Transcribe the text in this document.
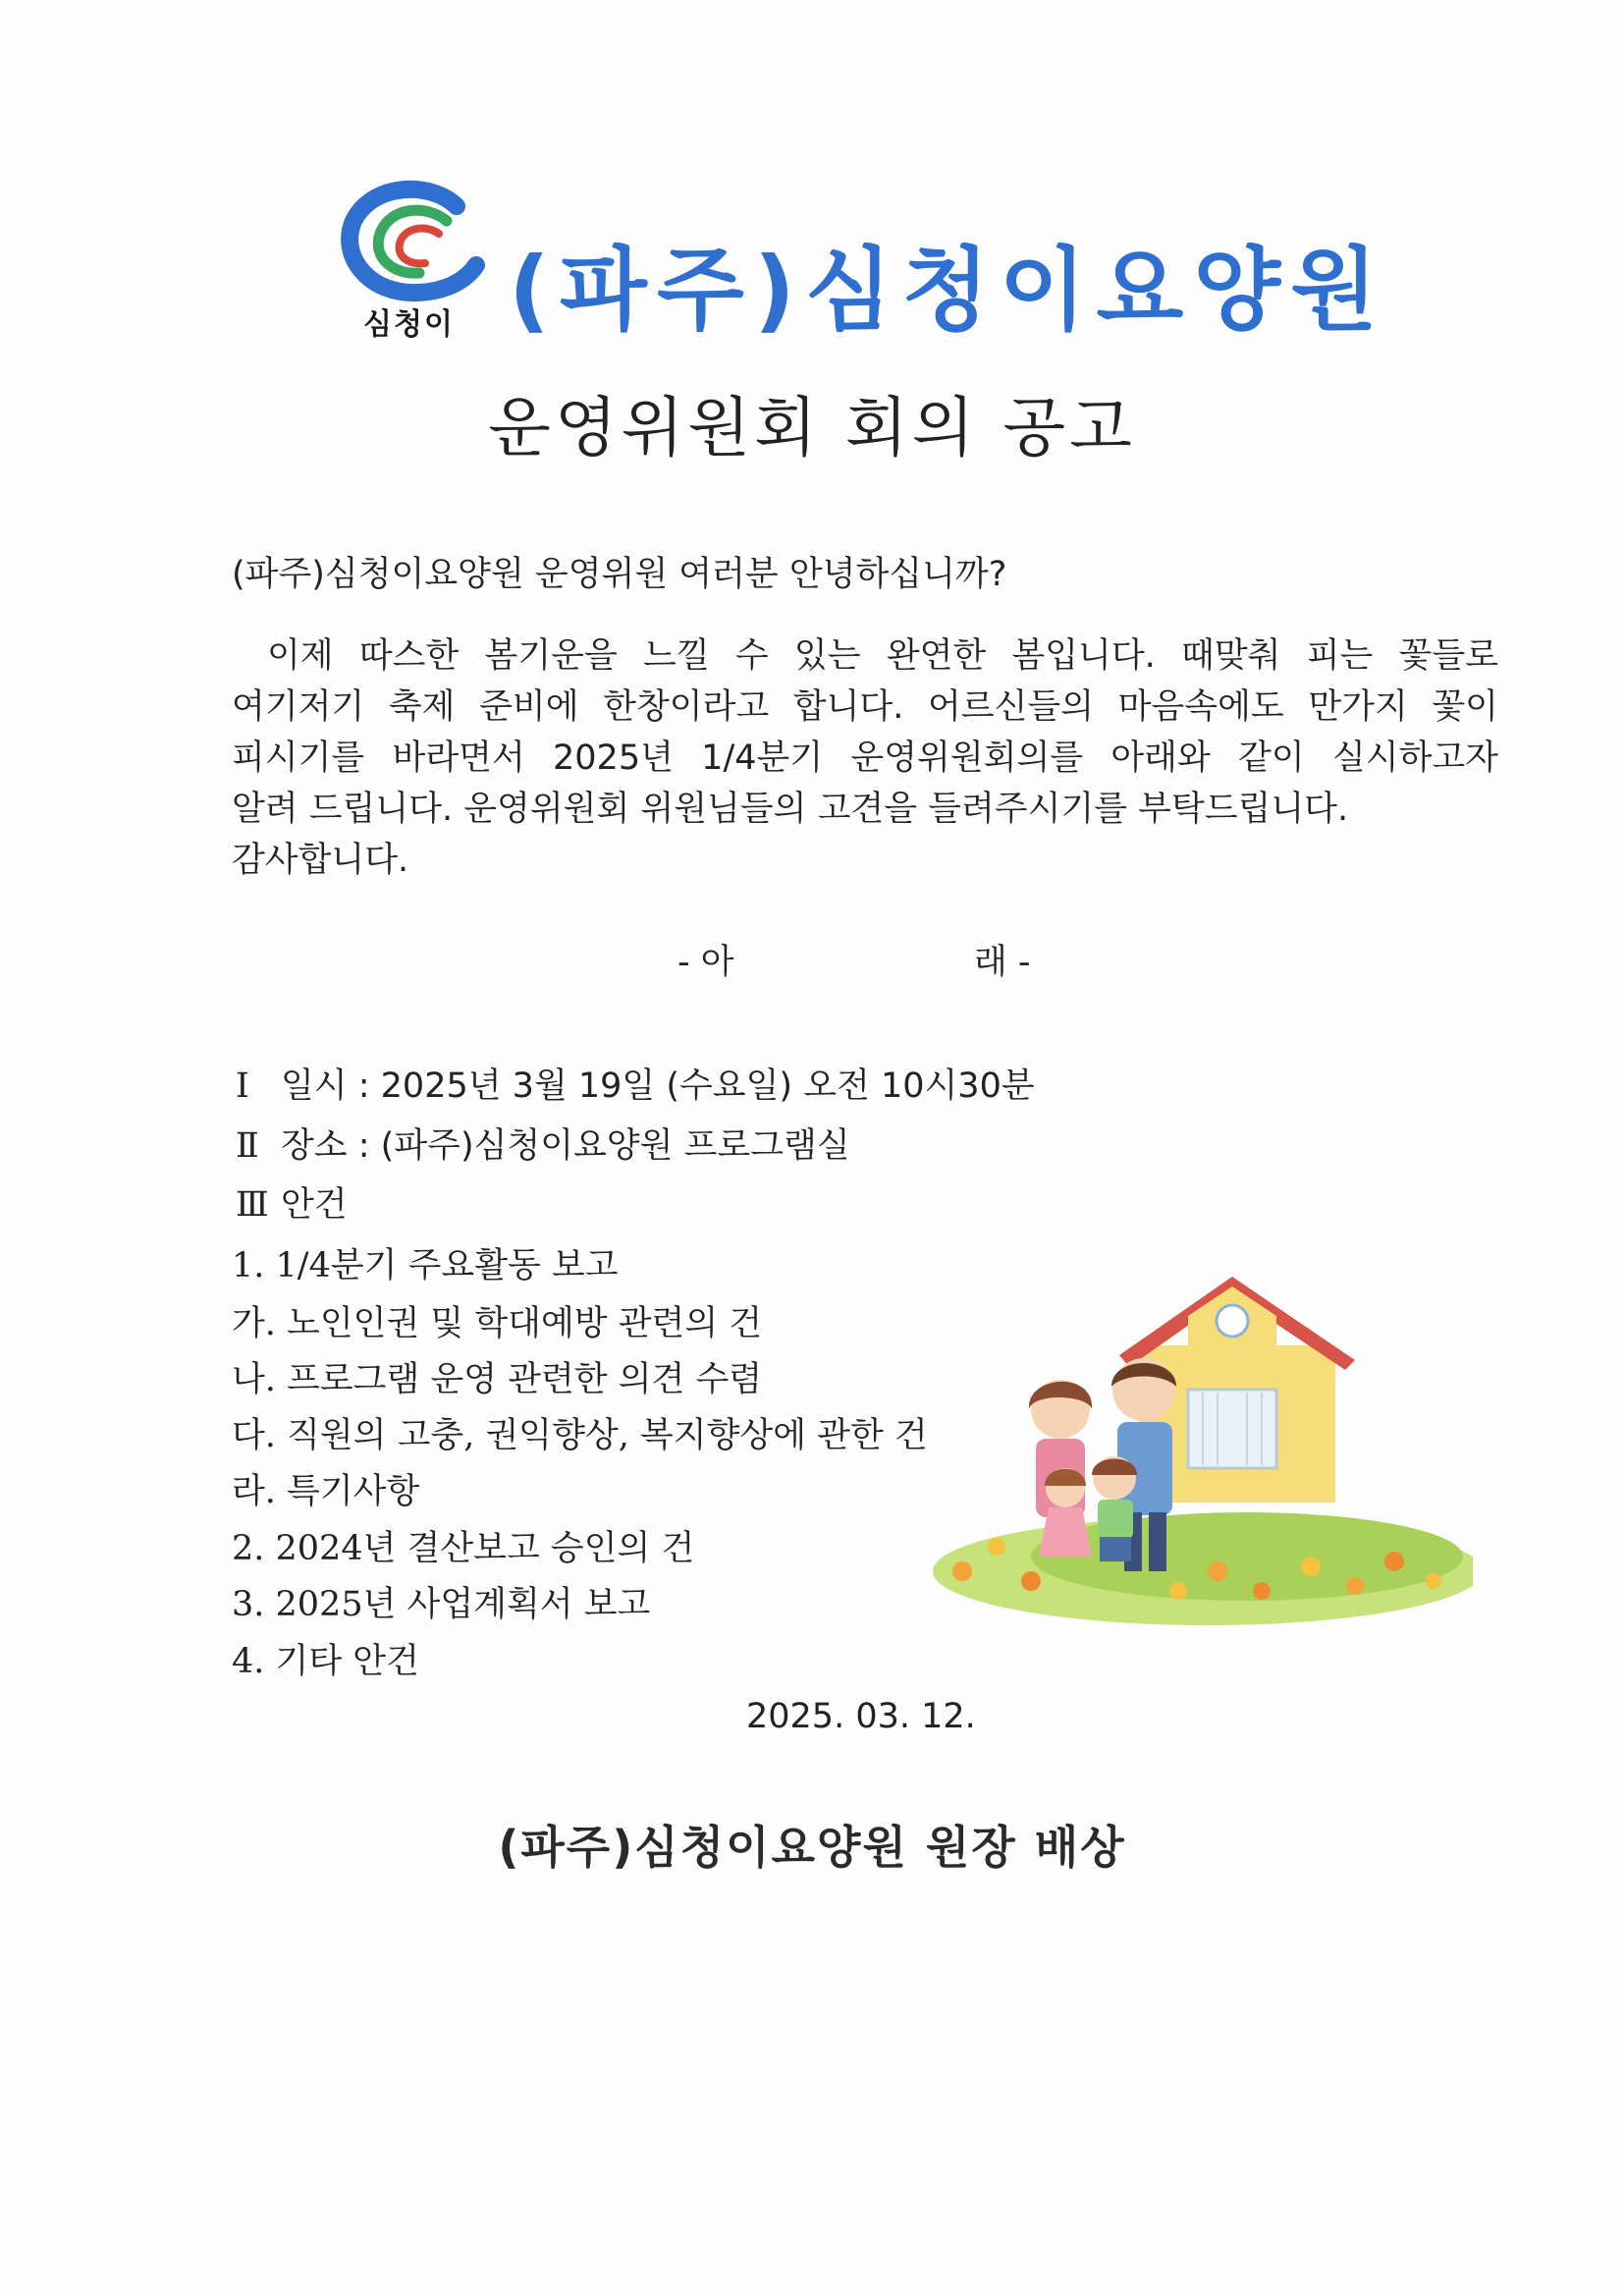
심청이 (파주)심청이요양원
운영위원회 회의 공고
(파주)심청이요양원 운영위원 여러분 안녕하십니까?
이제 따스한 봄기운을 느낄 수 있는 완연한 봄입니다. 때맞춰 피는 꽃들로
여기저기 축제 준비에 한창이라고 합니다. 어르신들의 마음속에도 만가지 꽃이
피시기를 바라면서 2025년 1/4분기 운영위원회의를 아래와 같이 실시하고자
알려 드립니다. 운영위원회 위원님들의 고견을 들려주시기를 부탁드립니다.
감사합니다.
- 아	래 -
Ⅰ 일시 : 2025년 3월 19일 (수요일) 오전 10시30분
Ⅱ 장소 : (파주)심청이요양원 프로그램실
Ⅲ 안건
1. 1/4분기 주요활동 보고
가. 노인인권 및 학대예방 관련의 건
나. 프로그램 운영 관련한 의견 수렴
다. 직원의 고충, 권익향상, 복지향상에 관한 건
라. 특기사항
2. 2024년 결산보고 승인의 건
3. 2025년 사업계획서 보고
4. 기타 안건
2025. 03. 12.
(파주)심청이요양원 원장 배상
